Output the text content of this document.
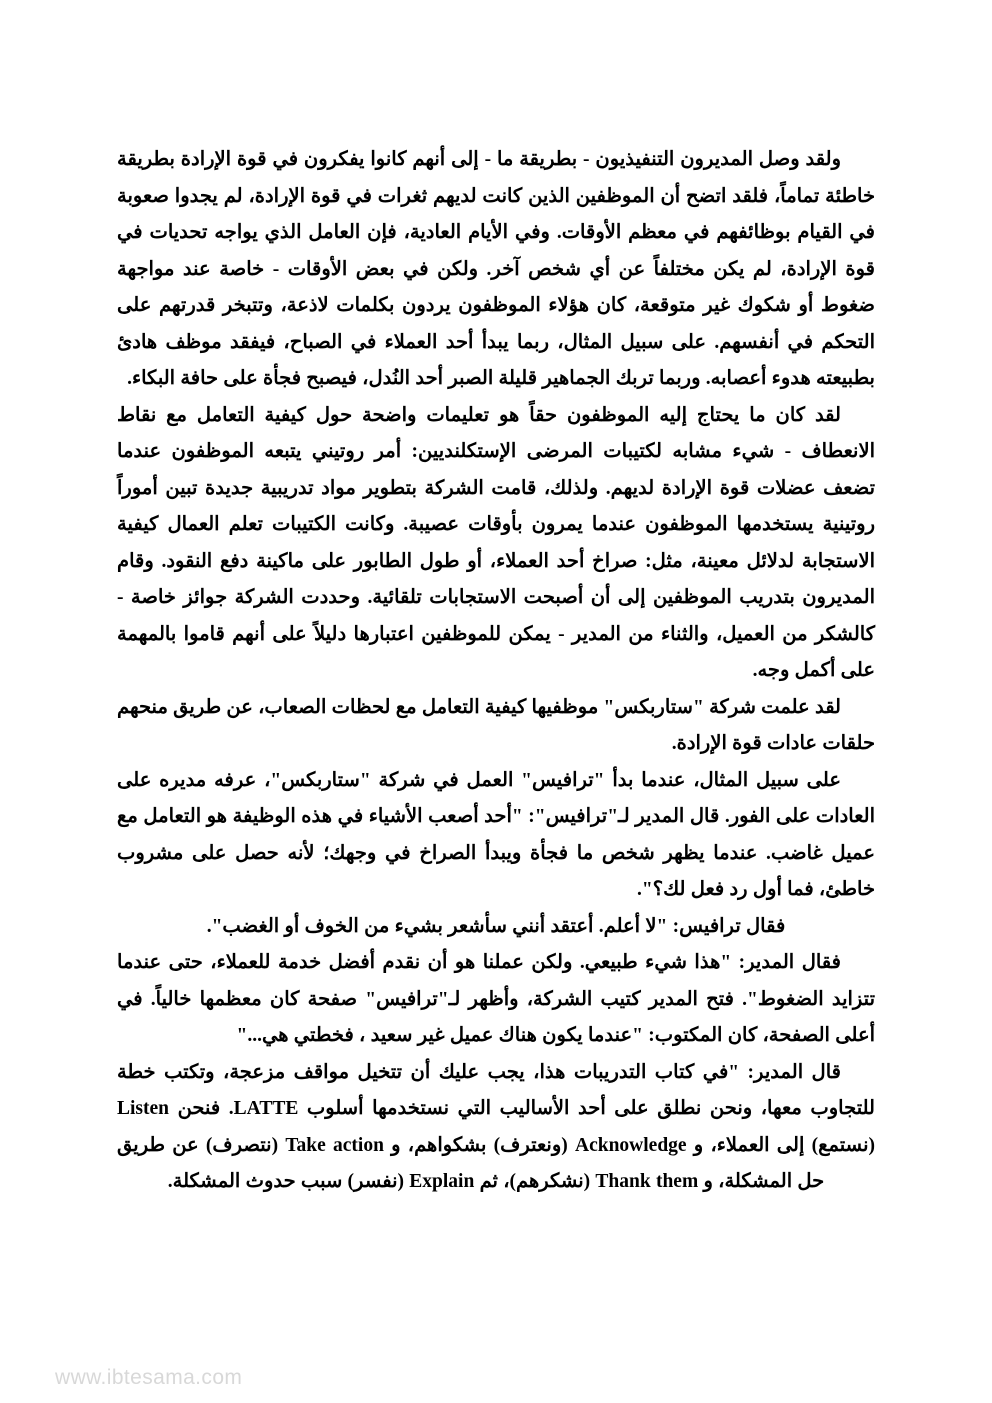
ولقد وصل المديرون التنفيذيون - بطريقة ما - إلى أنهم كانوا يفكرون في قوة الإرادة بطريقة خاطئة تماماً، فلقد اتضح أن الموظفين الذين كانت لديهم ثغرات في قوة الإرادة، لم يجدوا صعوبة في القيام بوظائفهم في معظم الأوقات. وفي الأيام العادية، فإن العامل الذي يواجه تحديات في قوة الإرادة، لم يكن مختلفاً عن أي شخص آخر. ولكن في بعض الأوقات - خاصة عند مواجهة ضغوط أو شكوك غير متوقعة، كان هؤلاء الموظفون يردون بكلمات لاذعة، وتتبخر قدرتهم على التحكم في أنفسهم. على سبيل المثال، ربما يبدأ أحد العملاء في الصباح، فيفقد موظف هادئ بطبيعته هدوء أعصابه. وربما تربك الجماهير قليلة الصبر أحد النُدل، فيصبح فجأة على حافة البكاء.

لقد كان ما يحتاج إليه الموظفون حقاً هو تعليمات واضحة حول كيفية التعامل مع نقاط الانعطاف - شيء مشابه لكتيبات المرضى الإستكلنديين: أمر روتيني يتبعه الموظفون عندما تضعف عضلات قوة الإرادة لديهم. ولذلك، قامت الشركة بتطوير مواد تدريبية جديدة تبين أموراً روتينية يستخدمها الموظفون عندما يمرون بأوقات عصيبة. وكانت الكتيبات تعلم العمال كيفية الاستجابة لدلائل معينة، مثل: صراخ أحد العملاء، أو طول الطابور على ماكينة دفع النقود. وقام المديرون بتدريب الموظفين إلى أن أصبحت الاستجابات تلقائية. وحددت الشركة جوائز خاصة - كالشكر من العميل، والثناء من المدير - يمكن للموظفين اعتبارها دليلاً على أنهم قاموا بالمهمة على أكمل وجه.

لقد علمت شركة "ستاربكس" موظفيها كيفية التعامل مع لحظات الصعاب، عن طريق منحهم حلقات عادات قوة الإرادة.

على سبيل المثال، عندما بدأ "ترافيس" العمل في شركة "ستاربكس"، عرفه مديره على العادات على الفور. قال المدير لـ"ترافيس": "أحد أصعب الأشياء في هذه الوظيفة هو التعامل مع عميل غاضب. عندما يظهر شخص ما فجأة ويبدأ الصراخ في وجهك؛ لأنه حصل على مشروب خاطئ، فما أول رد فعل لك؟".

فقال ترافيس: "لا أعلم. أعتقد أنني سأشعر بشيء من الخوف أو الغضب".

فقال المدير: "هذا شيء طبيعي. ولكن عملنا هو أن نقدم أفضل خدمة للعملاء، حتى عندما تتزايد الضغوط". فتح المدير كتيب الشركة، وأظهر لـ"ترافيس" صفحة كان معظمها خالياً. في أعلى الصفحة، كان المكتوب: "عندما يكون هناك عميل غير سعيد ، فخطتي هي..."

قال المدير: "في كتاب التدريبات هذا، يجب عليك أن تتخيل مواقف مزعجة، وتكتب خطة للتجاوب معها، ونحن نطلق على أحد الأساليب التي نستخدمها أسلوب LATTE. فنحن Listen (نستمع) إلى العملاء، و Acknowledge (ونعترف) بشكواهم، و Take action (نتصرف) عن طريق حل المشكلة، و Thank them (نشكرهم)، ثم Explain (نفسر) سبب حدوث المشكلة.

www.ibtesama.com
